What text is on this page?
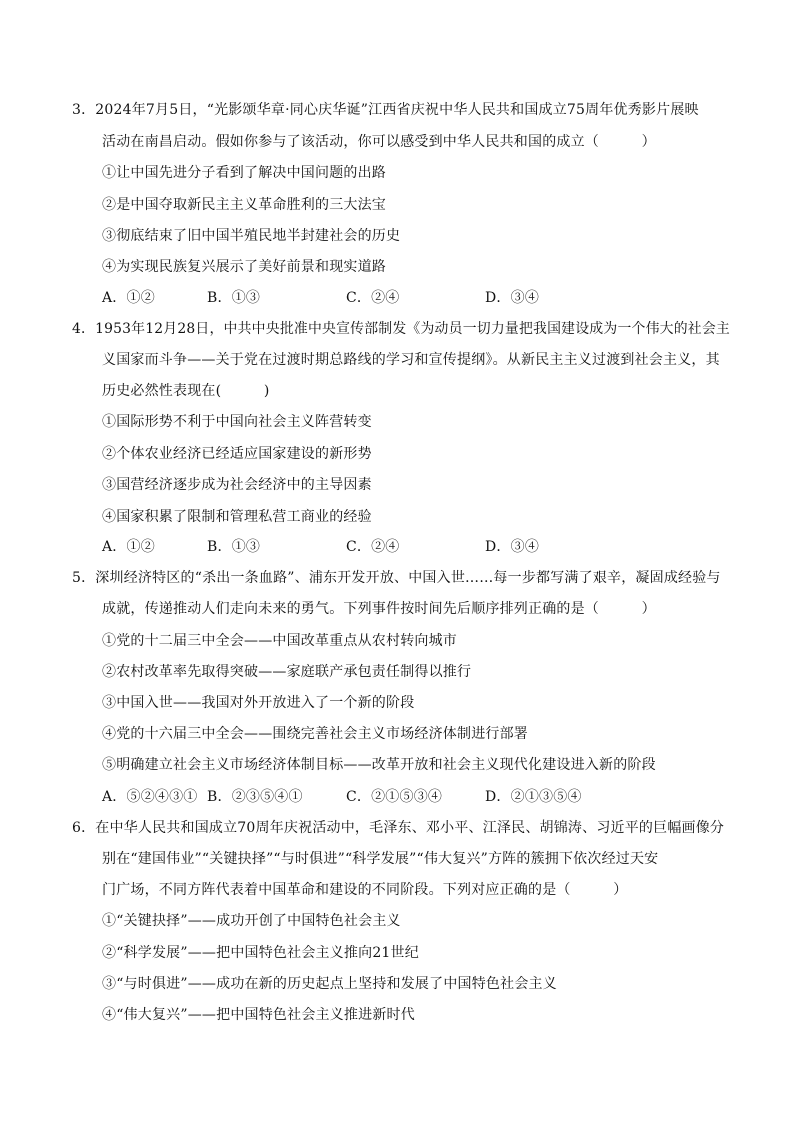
3．2024年7月5日，“光影颂华章·同心庆华诞”江西省庆祝中华人民共和国成立75周年优秀影片展映
活动在南昌启动。假如你参与了该活动，你可以感受到中华人民共和国的成立（　　　）
①让中国先进分子看到了解决中国问题的出路
②是中国夺取新民主主义革命胜利的三大法宝
③彻底结束了旧中国半殖民地半封建社会的历史
④为实现民族复兴展示了美好前景和现实道路
A．①②	B．①③	C．②④	D．③④
4．1953年12月28日，中共中央批准中央宣传部制发《为动员一切力量把我国建设成为一个伟大的社会主
义国家而斗争——关于党在过渡时期总路线的学习和宣传提纲》。从新民主主义过渡到社会主义，其
历史必然性表现在(　　　)
①国际形势不利于中国向社会主义阵营转变
②个体农业经济已经适应国家建设的新形势
③国营经济逐步成为社会经济中的主导因素
④国家积累了限制和管理私营工商业的经验
A．①②	B．①③	C．②④	D．③④
5．深圳经济特区的“杀出一条血路”、浦东开发开放、中国入世……每一步都写满了艰辛，凝固成经验与
成就，传递推动人们走向未来的勇气。下列事件按时间先后顺序排列正确的是（　　　）
①党的十二届三中全会——中国改革重点从农村转向城市
②农村改革率先取得突破——家庭联产承包责任制得以推行
③中国入世——我国对外开放进入了一个新的阶段
④党的十六届三中全会——围绕完善社会主义市场经济体制进行部署
⑤明确建立社会主义市场经济体制目标——改革开放和社会主义现代化建设进入新的阶段
A．⑤②④③① B．②③⑤④①	C．②①⑤③④	D．②①③⑤④
6．在中华人民共和国成立70周年庆祝活动中，毛泽东、邓小平、江泽民、胡锦涛、习近平的巨幅画像分
别在“建国伟业”“关键抉择”“与时俱进”“科学发展”“伟大复兴”方阵的簇拥下依次经过天安
门广场，不同方阵代表着中国革命和建设的不同阶段。下列对应正确的是（　　　）
①“关键抉择”——成功开创了中国特色社会主义
②“科学发展”——把中国特色社会主义推向21世纪
③“与时俱进”——成功在新的历史起点上坚持和发展了中国特色社会主义
④“伟大复兴”——把中国特色社会主义推进新时代
